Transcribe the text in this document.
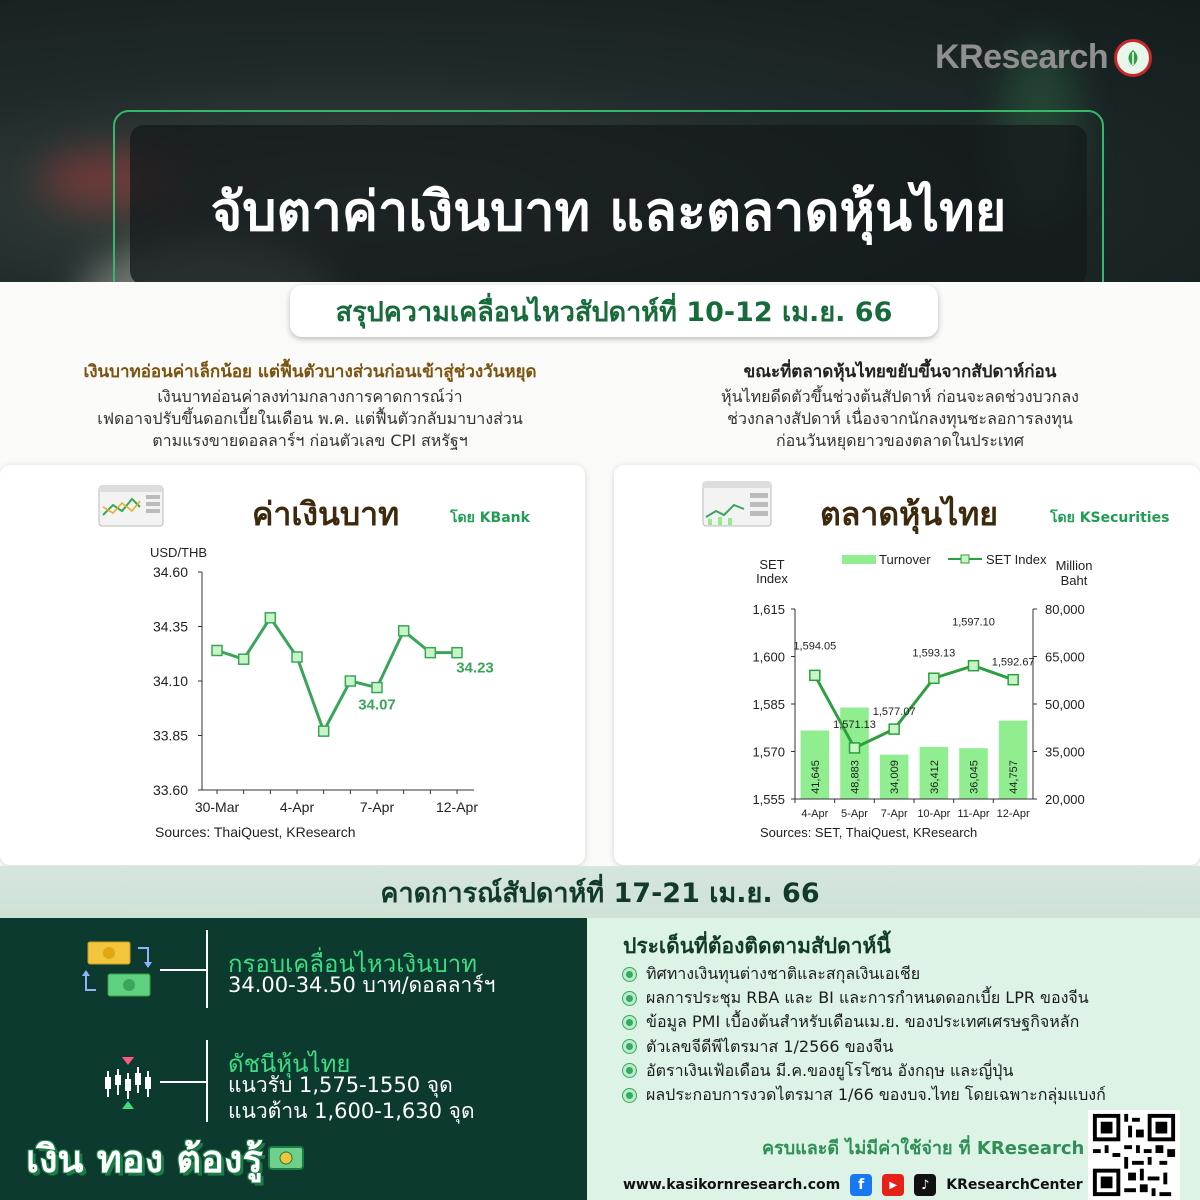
KResearch
จับตาค่าเงินบาท และตลาดหุ้นไทย
สรุปความเคลื่อนไหวสัปดาห์ที่ 10-12 เม.ย. 66
เงินบาทอ่อนค่าเล็กน้อย แต่ฟื้นตัวบางส่วนก่อนเข้าสู่ช่วงวันหยุด
เงินบาทอ่อนค่าลงท่ามกลางการคาดการณ์ว่า
เฟดอาจปรับขึ้นดอกเบี้ยในเดือน พ.ค. แต่ฟื้นตัวกลับมาบางส่วน
ตามแรงขายดอลลาร์ฯ ก่อนตัวเลข CPI สหรัฐฯ
ขณะที่ตลาดหุ้นไทยขยับขึ้นจากสัปดาห์ก่อน
หุ้นไทยดีดตัวขึ้นช่วงต้นสัปดาห์ ก่อนจะลดช่วงบวกลง
ช่วงกลางสัปดาห์ เนื่องจากนักลงทุนชะลอการลงทุน
ก่อนวันหยุดยาวของตลาดในประเทศ
ค่าเงินบาท	โดย KBank
34.60
34.35
34.10
33.85
33.60
USD/THB
30-Mar	4-Apr	7-Apr	12-Apr
34.07
34.23
Sources: ThaiQuest, KResearch
ตลาดหุ้นไทย	โดย KSecurities
Turnover	SET Index
SET
Index
Million
Baht
41,645	48,883	34,009	36,412	36,045	44,757
1,615
1,600
1,585
1,570
1,555
80,000
65,000
50,000
35,000
20,000
4-Apr 5-Apr 7-Apr 10-Apr 11-Apr 12-Apr
1,594.05
1,571.13
1,577.07
1,593.13
1,597.10
1,592.67
Sources: SET, ThaiQuest, KResearch
คาดการณ์สัปดาห์ที่ 17-21 เม.ย. 66
กรอบเคลื่อนไหวเงินบาท
34.00-34.50 บาท/ดอลลาร์ฯ
ดัชนีหุ้นไทย
แนวรับ 1,575-1550 จุด
แนวต้าน 1,600-1,630 จุด
ประเด็นที่ต้องติดตามสัปดาห์นี้
ทิศทางเงินทุนต่างชาติและสกุลเงินเอเชีย
ผลการประชุม RBA และ BI และการกำหนดดอกเบี้ย LPR ของจีน
ข้อมูล PMI เบื้องต้นสำหรับเดือนเม.ย. ของประเทศเศรษฐกิจหลัก
ตัวเลขจีดีพีไตรมาส 1/2566 ของจีน
อัตราเงินเฟ้อเดือน มี.ค.ของยูโรโซน อังกฤษ และญี่ปุ่น
ผลประกอบการงวดไตรมาส 1/66 ของบจ.ไทย โดยเฉพาะกลุ่มแบงก์
ครบและดี ไม่มีค่าใช้จ่าย ที่ KResearch
www.kasikornresearch.com	f	▶	♪	KResearchCenter
เงิน ทอง ต้องรู้
